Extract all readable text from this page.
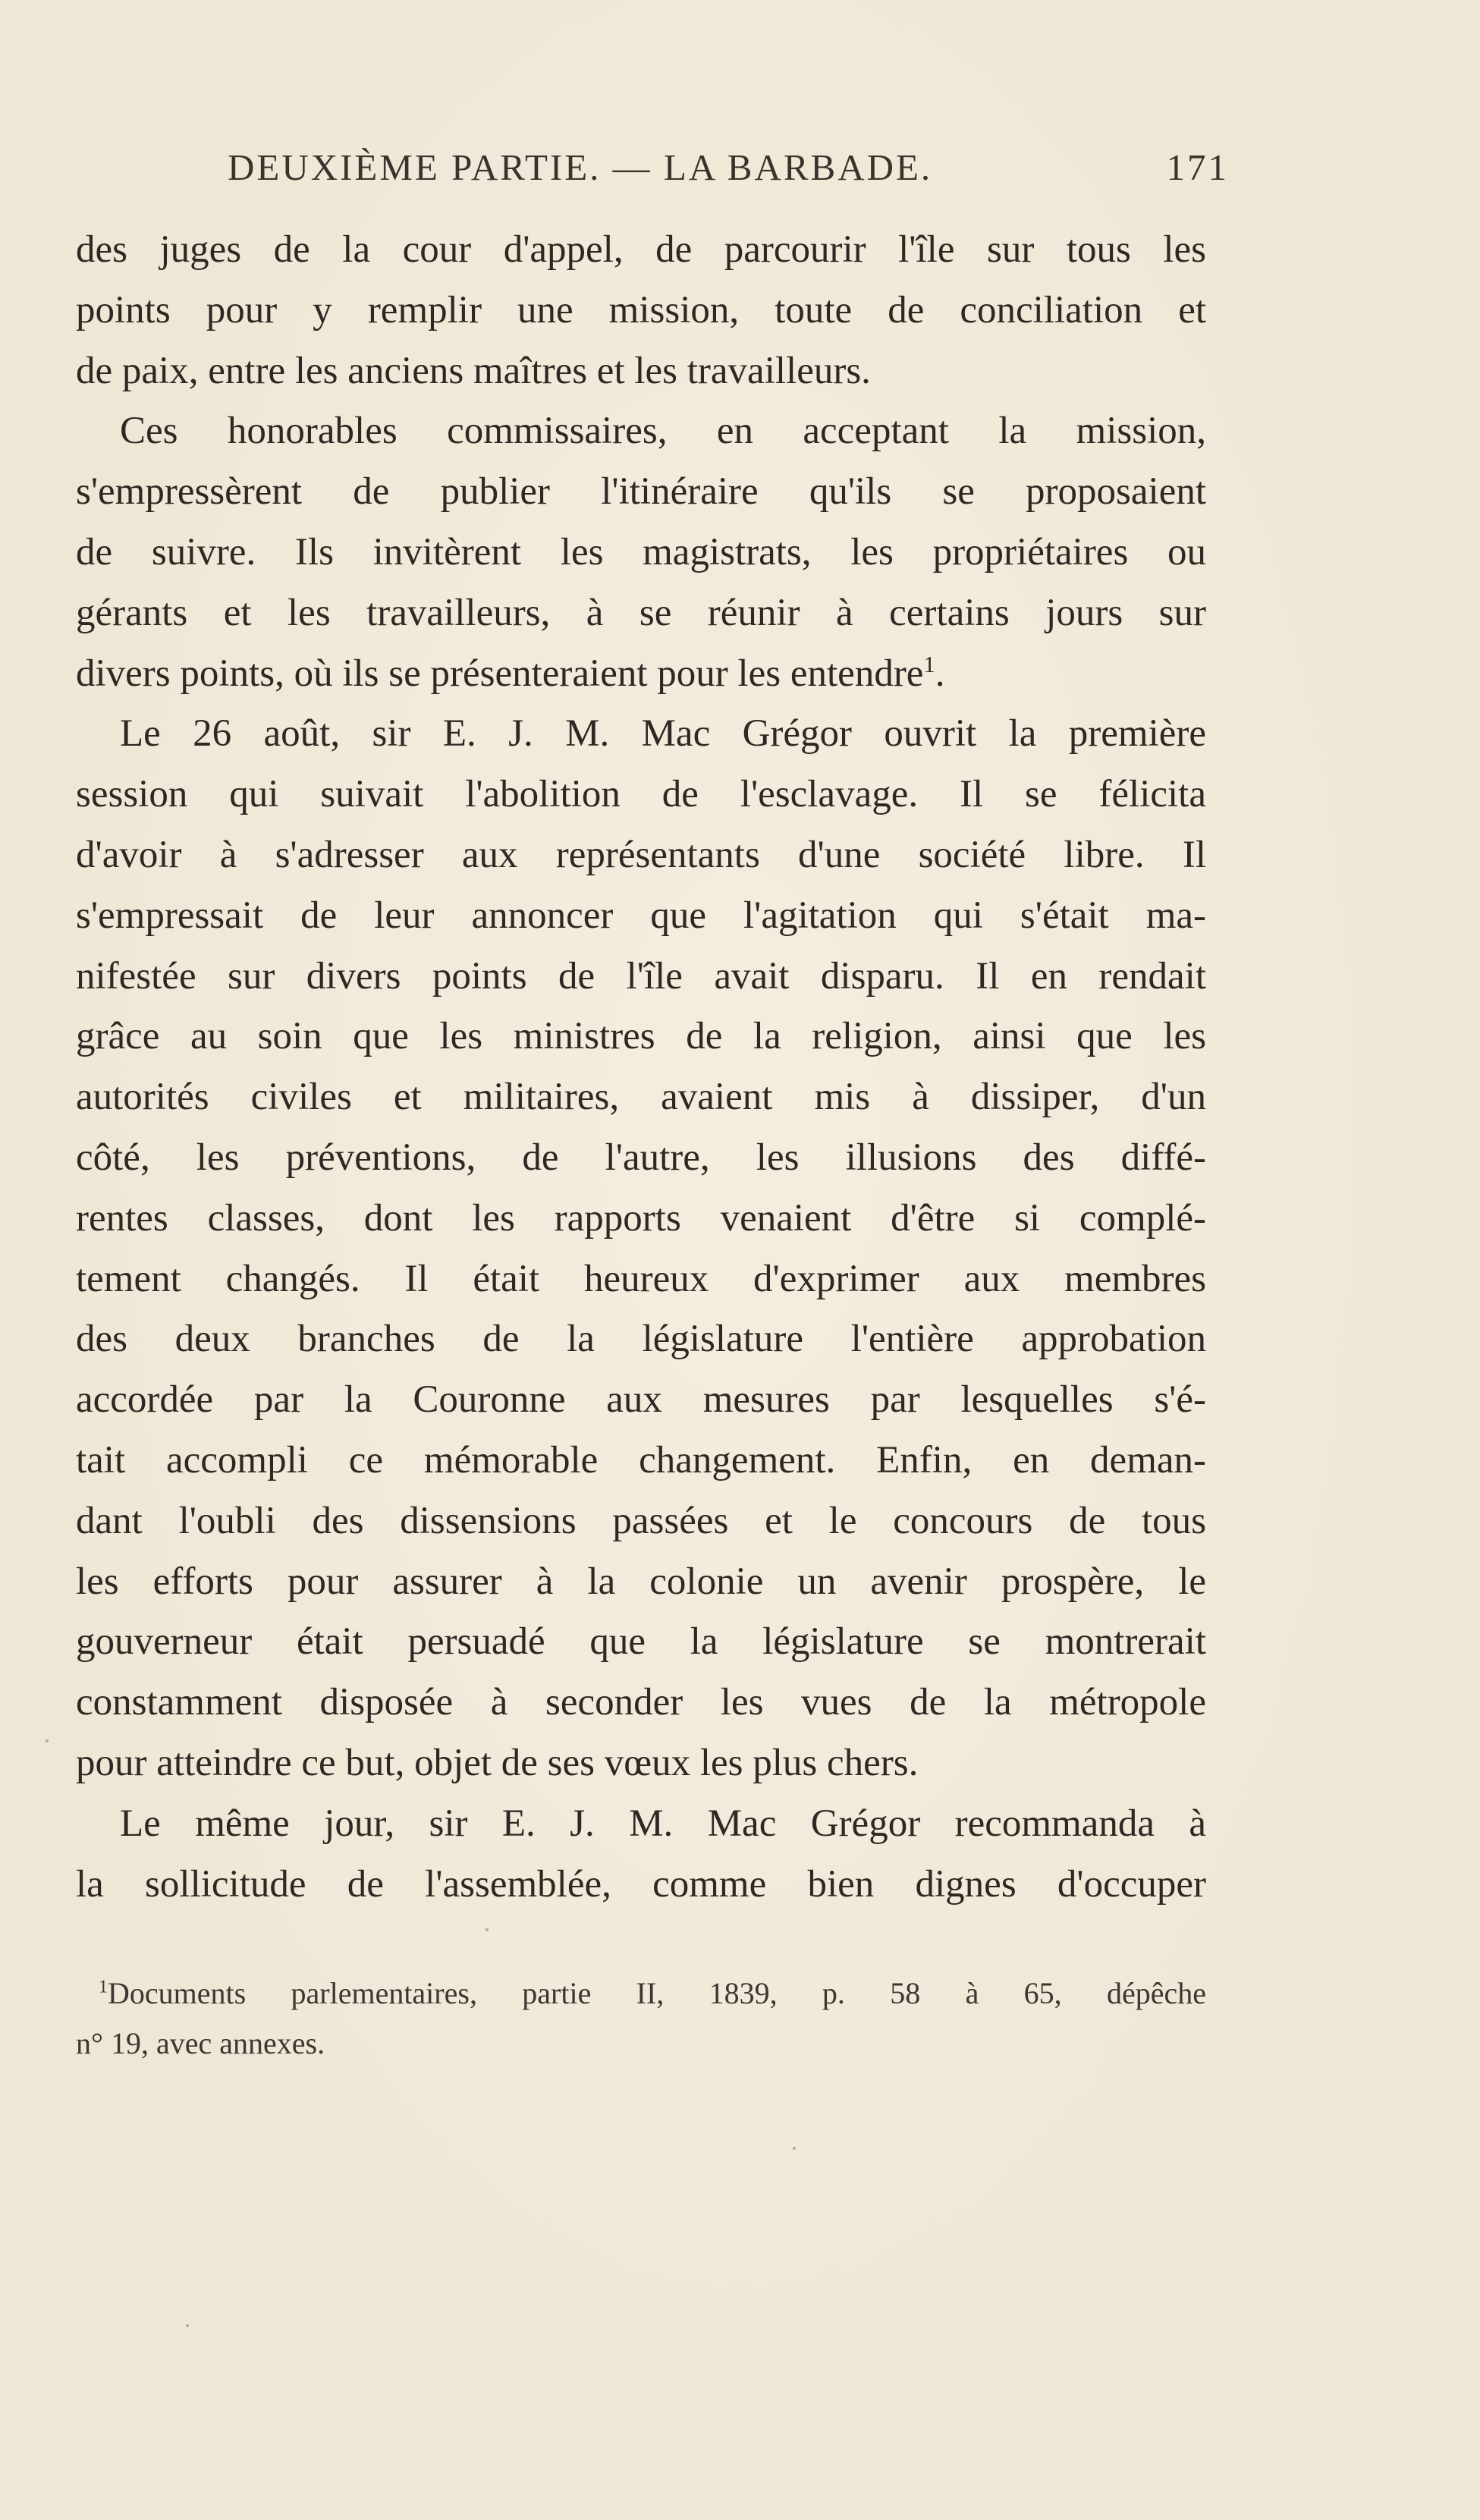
DEUXIÈME PARTIE. — LA BARBADE.	171
des juges de la cour d'appel, de parcourir l'île sur tous les
points pour y remplir une mission, toute de conciliation et
de paix, entre les anciens maîtres et les travailleurs.
Ces honorables commissaires, en acceptant la mission,
s'empressèrent de publier l'itinéraire qu'ils se proposaient
de suivre. Ils invitèrent les magistrats, les propriétaires ou
gérants et les travailleurs, à se réunir à certains jours sur
divers points, où ils se présenteraient pour les entendre$^1$.
Le 26 août, sir E. J. M. Mac Grégor ouvrit la première
session qui suivait l'abolition de l'esclavage. Il se félicita
d'avoir à s'adresser aux représentants d'une société libre. Il
s'empressait de leur annoncer que l'agitation qui s'était ma-
nifestée sur divers points de l'île avait disparu. Il en rendait
grâce au soin que les ministres de la religion, ainsi que les
autorités civiles et militaires, avaient mis à dissiper, d'un
côté, les préventions, de l'autre, les illusions des diffé-
rentes classes, dont les rapports venaient d'être si complé-
tement changés. Il était heureux d'exprimer aux membres
des deux branches de la législature l'entière approbation
accordée par la Couronne aux mesures par lesquelles s'é-
tait accompli ce mémorable changement. Enfin, en deman-
dant l'oubli des dissensions passées et le concours de tous
les efforts pour assurer à la colonie un avenir prospère, le
gouverneur était persuadé que la législature se montrerait
constamment disposée à seconder les vues de la métropole
pour atteindre ce but, objet de ses vœux les plus chers.
Le même jour, sir E. J. M. Mac Grégor recommanda à
la sollicitude de l'assemblée, comme bien dignes d'occuper
$^1$Documents parlementaires, partie II, 1839, p. 58 à 65, dépêche
n° 19, avec annexes.
